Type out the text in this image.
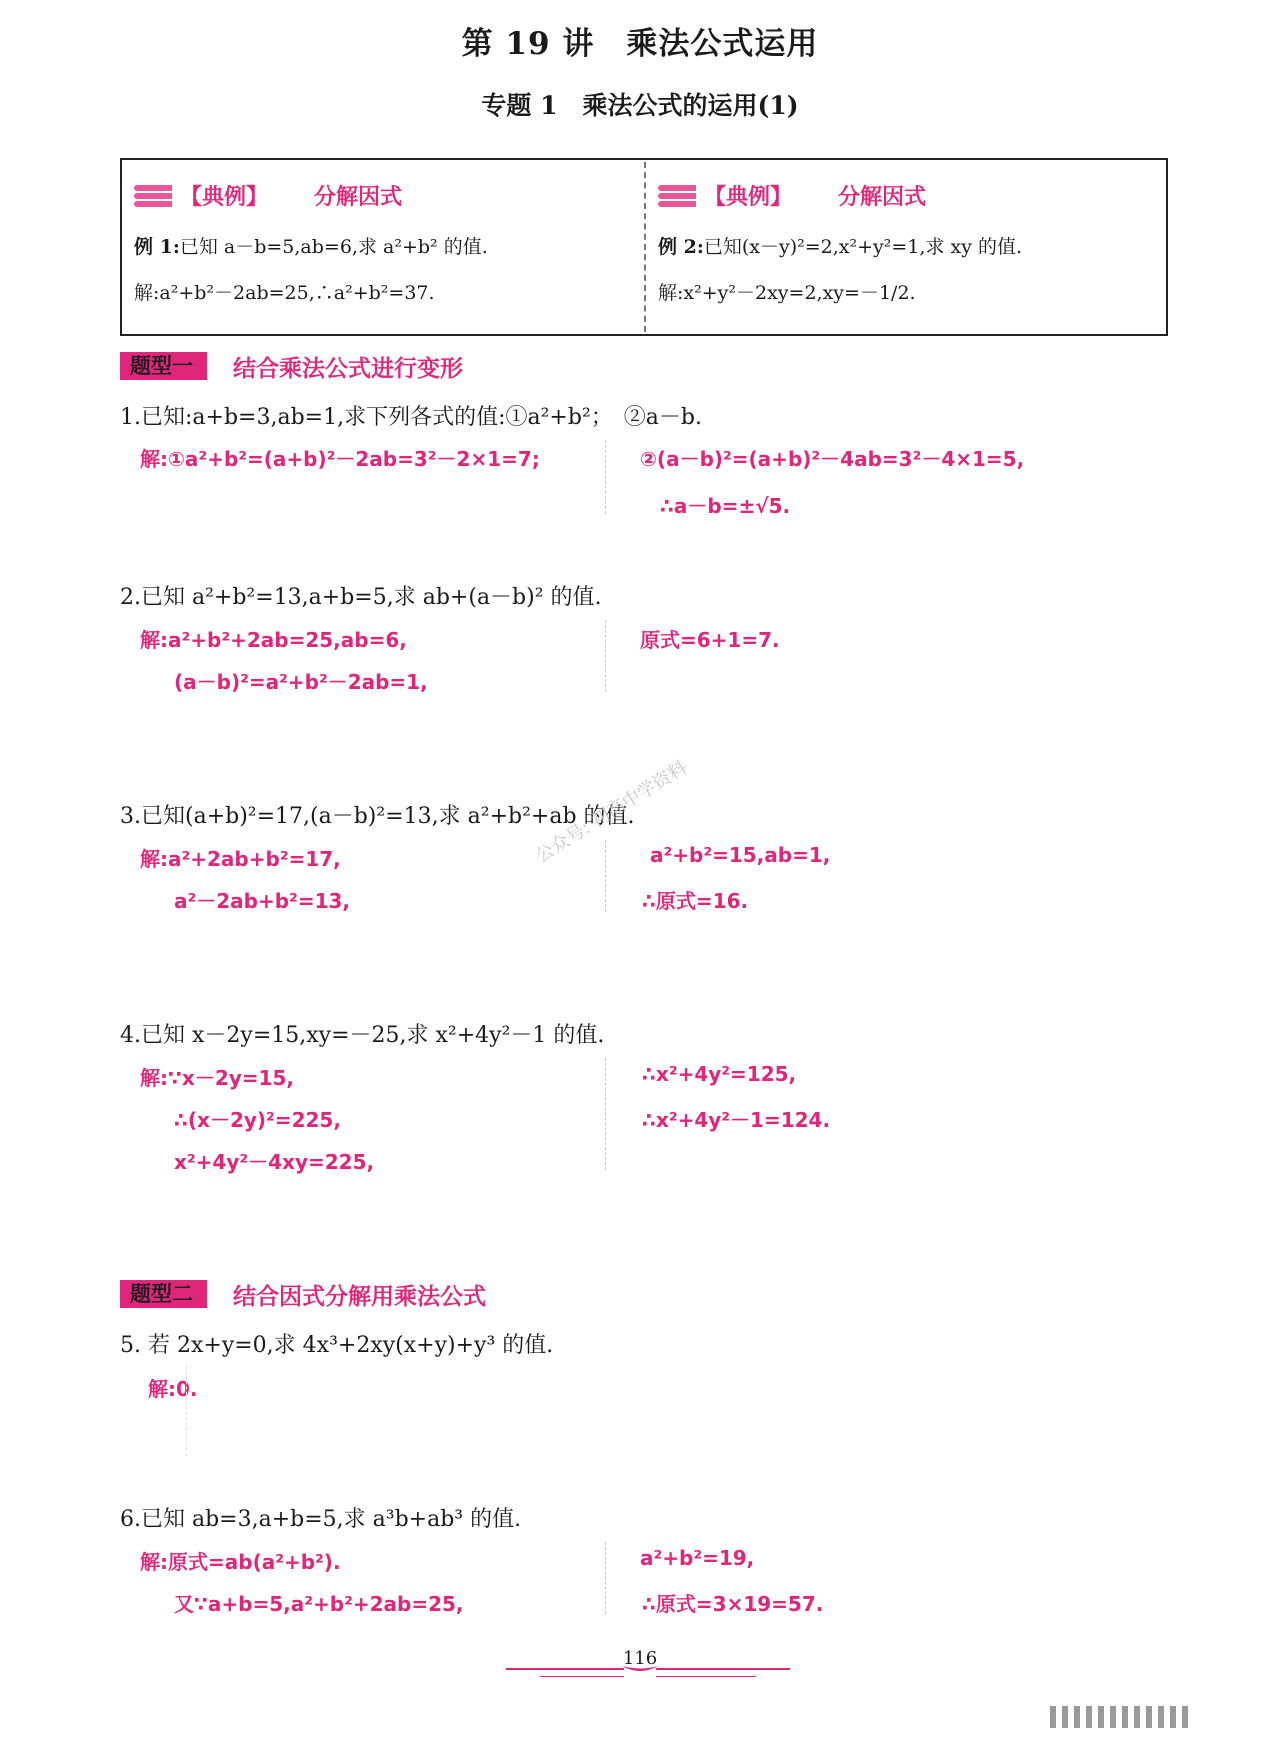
第 19 讲　乘法公式运用
专题 1　乘法公式的运用(1)
【典例】 分解因式
例 1:已知 a－b=5,ab=6,求 a²+b² 的值.
解:a²+b²－2ab=25,∴a²+b²=37.
【典例】 分解因式
例 2:已知(x－y)²=2,x²+y²=1,求 xy 的值.
解:x²+y²－2xy=2,xy=－1/2.
题型一	结合乘法公式进行变形
1.已知:a+b=3,ab=1,求下列各式的值:①a²+b²；　②a－b.
解:①a²+b²=(a+b)²－2ab=3²－2×1=7;	②(a－b)²=(a+b)²－4ab=3²－4×1=5,
∴a－b=±√5.
2.已知 a²+b²=13,a+b=5,求 ab+(a－b)² 的值.
解:a²+b²+2ab=25,ab=6,
(a－b)²=a²+b²－2ab=1,
原式=6+1=7.
3.已知(a+b)²=17,(a－b)²=13,求 a²+b²+ab 的值.
解:a²+2ab+b²=17,
a²－2ab+b²=13,
a²+b²=15,ab=1,
∴原式=16.
公众号: 初高中学资料
4.已知 x－2y=15,xy=－25,求 x²+4y²－1 的值.
解:∵x－2y=15,
∴(x－2y)²=225,
x²+4y²－4xy=225,
∴x²+4y²=125,
∴x²+4y²－1=124.
题型二	结合因式分解用乘法公式
5. 若 2x+y=0,求 4x³+2xy(x+y)+y³ 的值.
解:0.
6.已知 ab=3,a+b=5,求 a³b+ab³ 的值.
解:原式=ab(a²+b²).
又∵a+b=5,a²+b²+2ab=25,
a²+b²=19,
∴原式=3×19=57.
116
